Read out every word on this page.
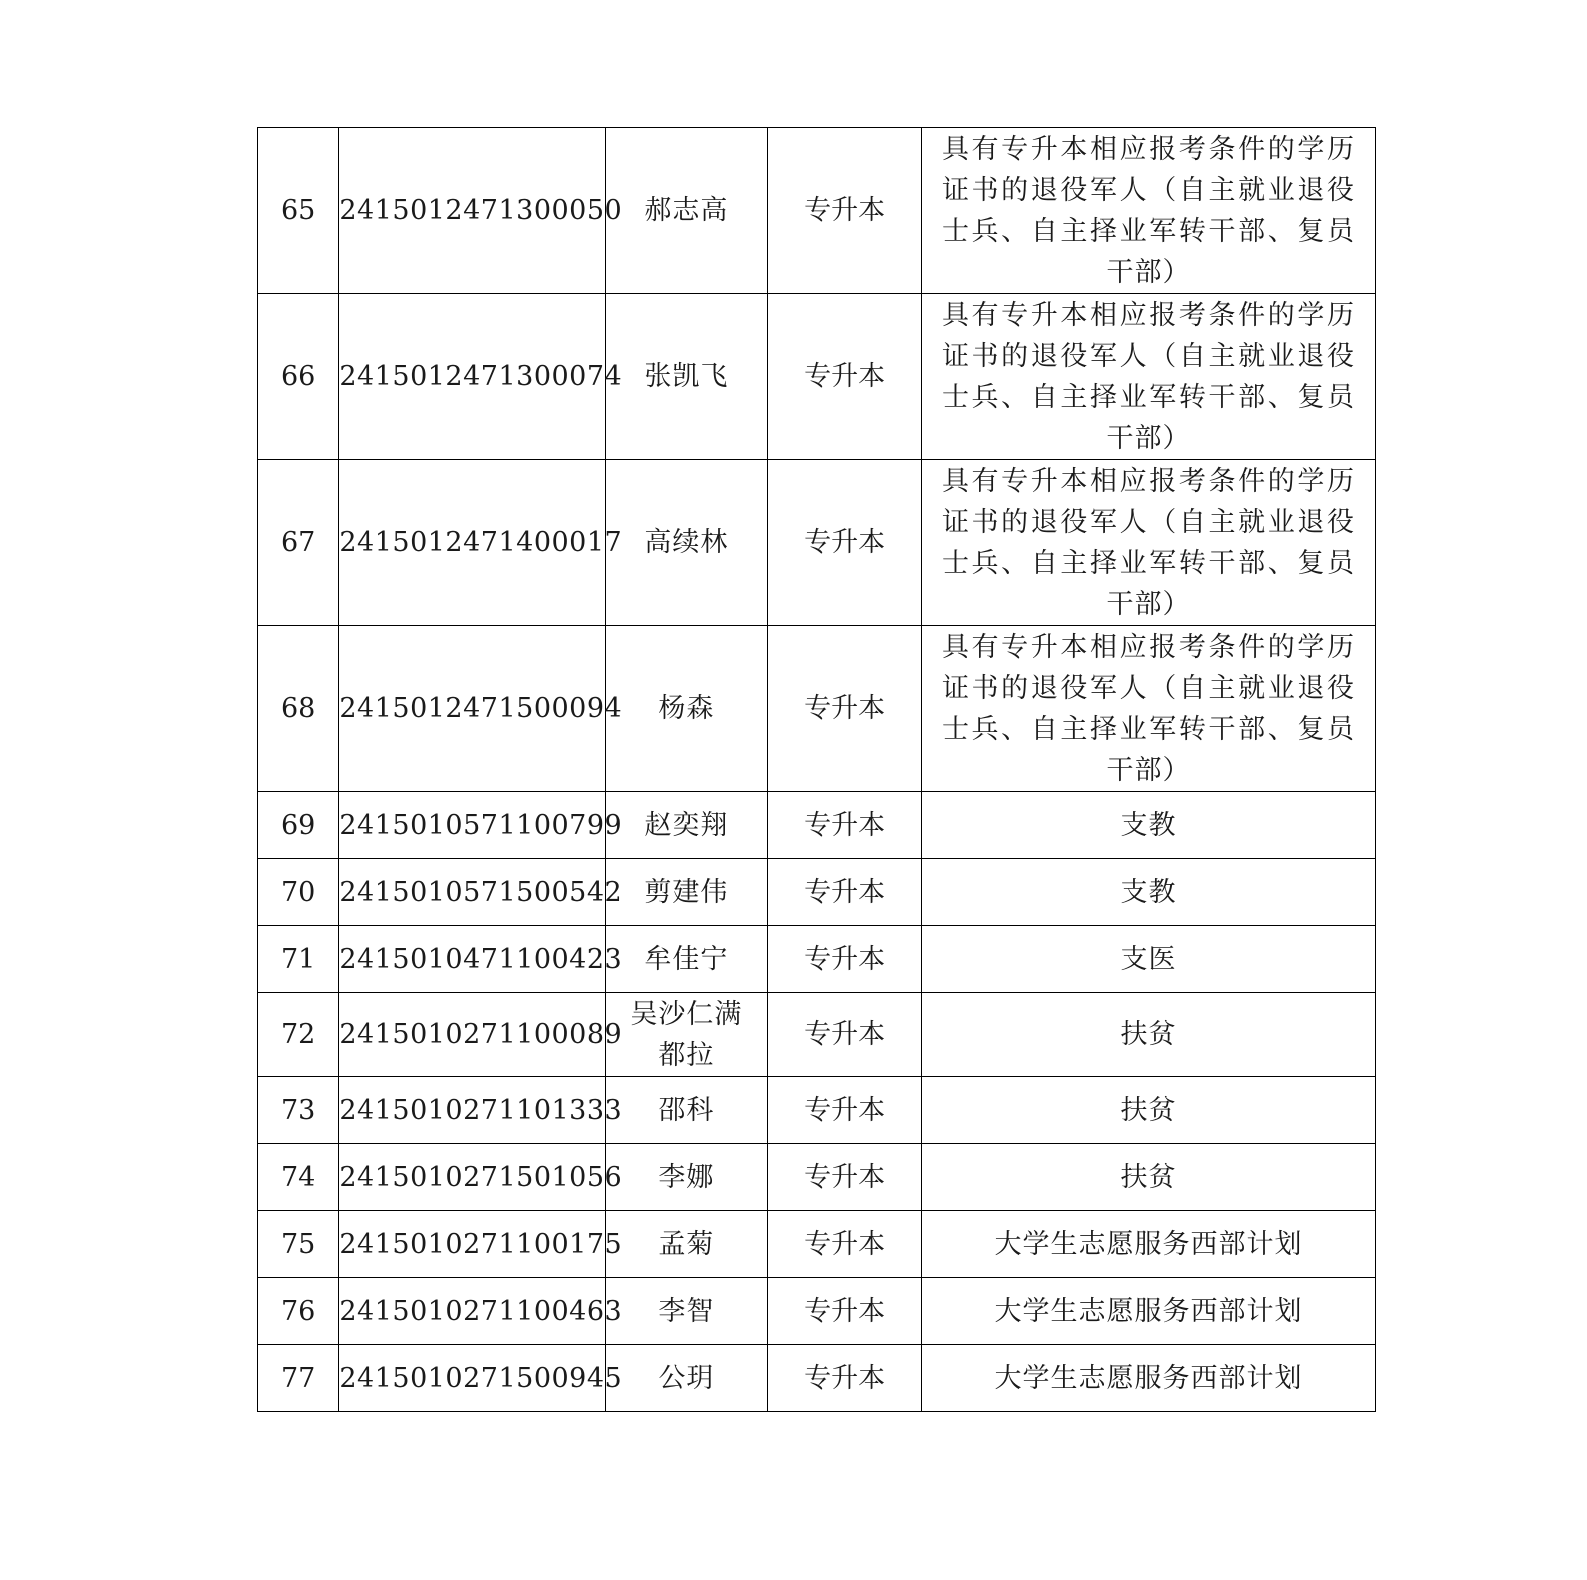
65	2415012471300050	郝志高	专升本	具有专升本相应报考条件的学历证书的退役军人（自主就业退役士兵、自主择业军转干部、复员干部）

66	2415012471300074	张凯飞	专升本	具有专升本相应报考条件的学历证书的退役军人（自主就业退役士兵、自主择业军转干部、复员干部）

67	2415012471400017	高续林	专升本	具有专升本相应报考条件的学历证书的退役军人（自主就业退役士兵、自主择业军转干部、复员干部）

68	2415012471500094	杨森	专升本	具有专升本相应报考条件的学历证书的退役军人（自主就业退役士兵、自主择业军转干部、复员干部）

69	2415010571100799	赵奕翔	专升本	支教

70	2415010571500542	剪建伟	专升本	支教

71	2415010471100423	牟佳宁	专升本	支医

72	2415010271100089	吴沙仁满都拉	专升本	扶贫

73	2415010271101333	邵科	专升本	扶贫

74	2415010271501056	李娜	专升本	扶贫

75	2415010271100175	孟菊	专升本	大学生志愿服务西部计划

76	2415010271100463	李智	专升本	大学生志愿服务西部计划

77	2415010271500945	公玥	专升本	大学生志愿服务西部计划
